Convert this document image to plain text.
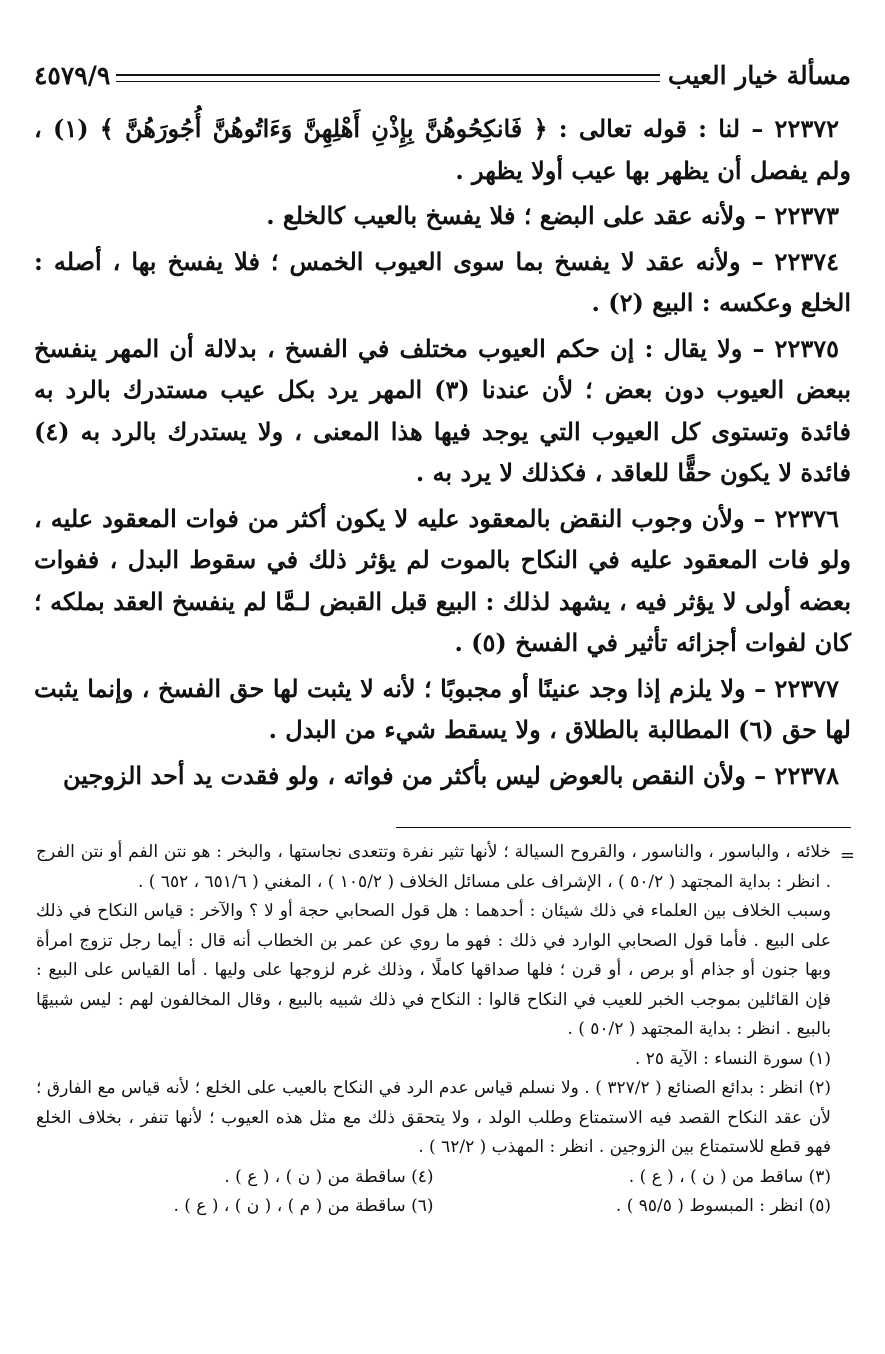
مسألة خيار العيب
٤٥٧٩/٩

٢٢٣٧٢ – لنا : قوله تعالى : ﴿ فَانكِحُوهُنَّ بِإِذْنِ أَهْلِهِنَّ وَءَاتُوهُنَّ أُجُورَهُنَّ ﴾ (١) ، ولم يفصل أن يظهر بها عيب أولا يظهر .

٢٢٣٧٣ – ولأنه عقد على البضع ؛ فلا يفسخ بالعيب كالخلع .

٢٢٣٧٤ – ولأنه عقد لا يفسخ بما سوى العيوب الخمس ؛ فلا يفسخ بها ، أصله : الخلع وعكسه : البيع (٢) .

٢٢٣٧٥ – ولا يقال : إن حكم العيوب مختلف في الفسخ ، بدلالة أن المهر ينفسخ ببعض العيوب دون بعض ؛ لأن عندنا (٣) المهر يرد بكل عيب مستدرك بالرد به فائدة وتستوى كل العيوب التي يوجد فيها هذا المعنى ، ولا يستدرك بالرد به (٤) فائدة لا يكون حقًّا للعاقد ، فكذلك لا يرد به .

٢٢٣٧٦ – ولأن وجوب النقض بالمعقود عليه لا يكون أكثر من فوات المعقود عليه ، ولو فات المعقود عليه في النكاح بالموت لم يؤثر ذلك في سقوط البدل ، ففوات بعضه أولى لا يؤثر فيه ، يشهد لذلك : البيع قبل القبض لـمَّا لم ينفسخ العقد بملكه ؛ كان لفوات أجزائه تأثير في الفسخ (٥) .

٢٢٣٧٧ – ولا يلزم إذا وجد عنينًا أو مجبوبًا ؛ لأنه لا يثبت لها حق الفسخ ، وإنما يثبت لها حق (٦) المطالبة بالطلاق ، ولا يسقط شيء من البدل .

٢٢٣٧٨ – ولأن النقص بالعوض ليس بأكثر من فواته ، ولو فقدت يد أحد الزوجين

=

خلائه ، والباسور ، والناسور ، والقروح السيالة ؛ لأنها تثير نفرة وتتعدى نجاستها ، والبخر : هو نتن الفم أو نتن الفرج . انظر : بداية المجتهد ( ٥٠/٢ ) ، الإشراف على مسائل الخلاف ( ١٠٥/٢ ) ، المغني ( ٦٥١/٦ ، ٦٥٢ ) .

وسبب الخلاف بين العلماء في ذلك شيئان : أحدهما : هل قول الصحابي حجة أو لا ؟ والآخر : قياس النكاح في ذلك على البيع . فأما قول الصحابي الوارد في ذلك : فهو ما روي عن عمر بن الخطاب أنه قال : أيما رجل تزوج امرأة وبها جنون أو جذام أو برص ، أو قرن ؛ فلها صداقها كاملًا ، وذلك غرم لزوجها على وليها . أما القياس على البيع : فإن القائلين بموجب الخبر للعيب في النكاح قالوا : النكاح في ذلك شبيه بالبيع ، وقال المخالفون لهم : ليس شبيهًا بالبيع . انظر : بداية المجتهد ( ٥٠/٢ ) .

(١) سورة النساء : الآية ٢٥ .

(٢) انظر : بدائع الصنائع ( ٣٢٧/٢ ) . ولا نسلم قياس عدم الرد في النكاح بالعيب على الخلع ؛ لأنه قياس مع الفارق ؛ لأن عقد النكاح القصد فيه الاستمتاع وطلب الولد ، ولا يتحقق ذلك مع مثل هذه العيوب ؛ لأنها تنفر ، بخلاف الخلع فهو قطع للاستمتاع بين الزوجين . انظر : المهذب ( ٦٢/٢ ) .

(٣) ساقط من ( ن ) ، ( ع ) .
(٤) ساقطة من ( ن ) ، ( ع ) .
(٥) انظر : المبسوط ( ٩٥/٥ ) .
(٦) ساقطة من ( م ) ، ( ن ) ، ( ع ) .
